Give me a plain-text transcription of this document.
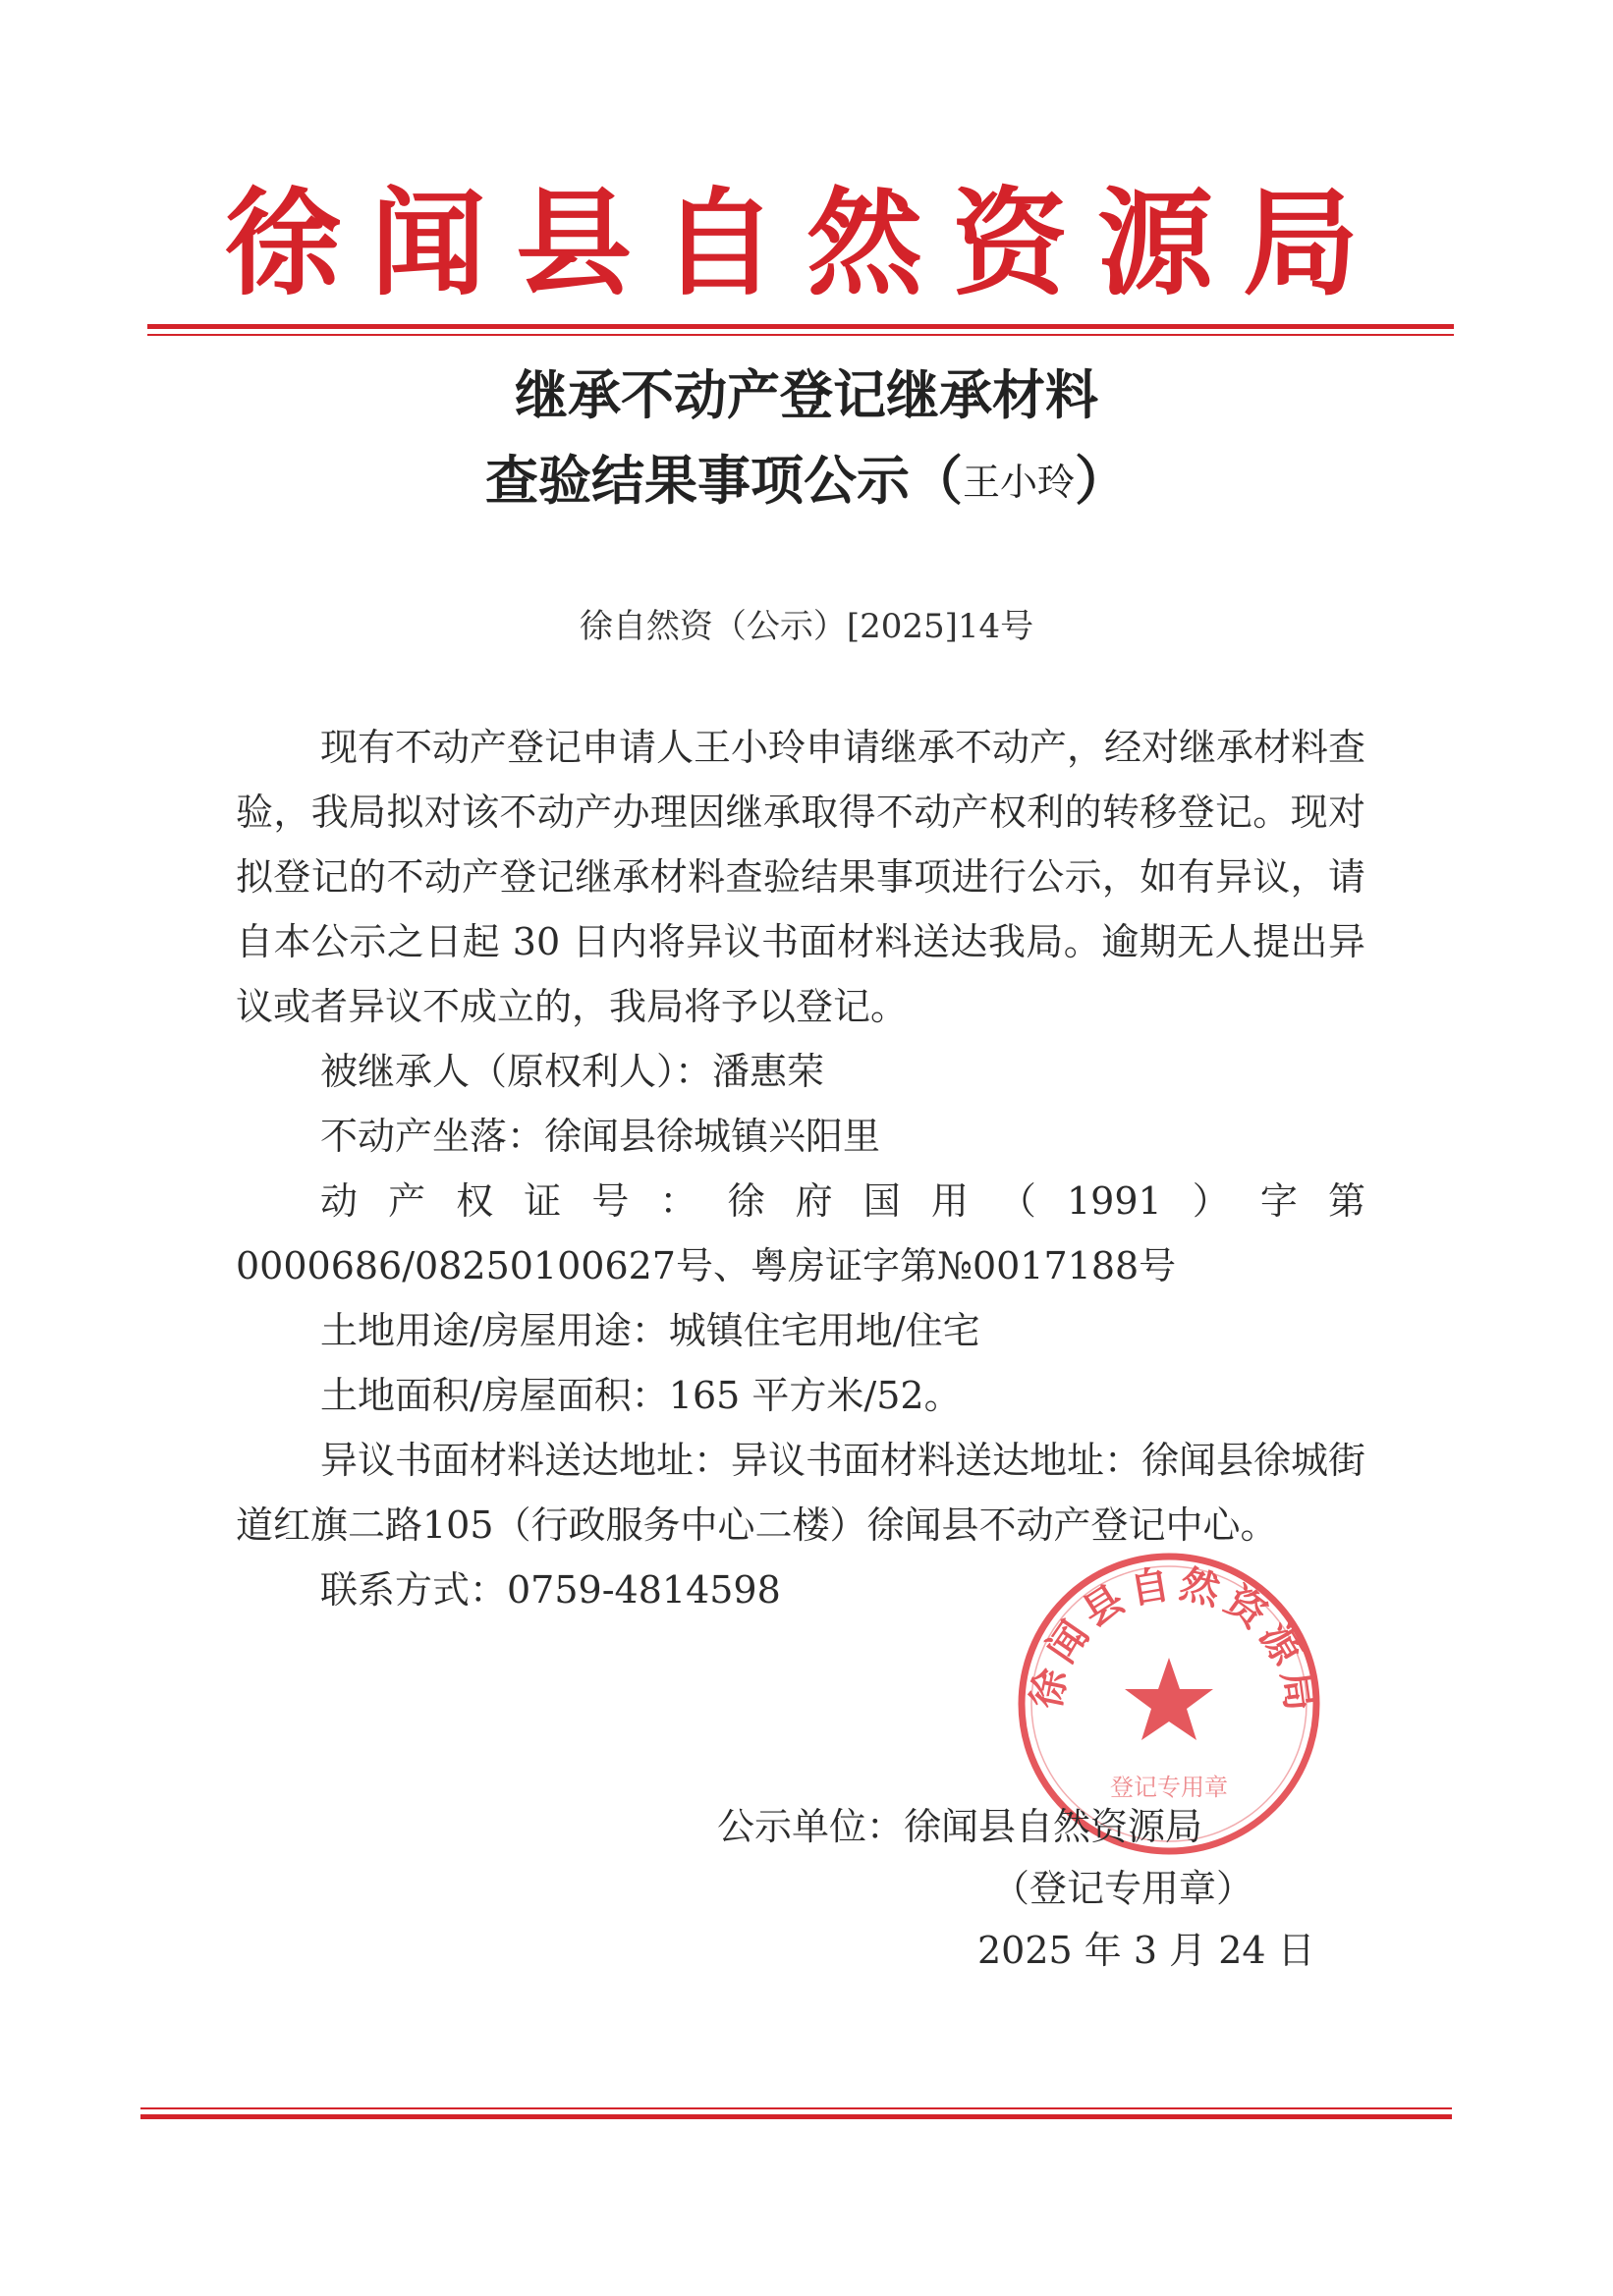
徐闻县自然资源局
继承不动产登记继承材料
查验结果事项公示（王小玲）
徐自然资（公示）[2025]14号

现有不动产登记申请人王小玲申请继承不动产，经对继承材料查验，我局拟对该不动产办理因继承取得不动产权利的转移登记。现对拟登记的不动产登记继承材料查验结果事项进行公示，如有异议，请自本公示之日起 30 日内将异议书面材料送达我局。逾期无人提出异议或者异议不成立的，我局将予以登记。

被继承人（原权利人）：潘惠荣

不动产坐落：徐闻县徐城镇兴阳里

动产权证号：徐府国用（1991）字第0000686/08250100627号、粤房证字第№0017188号

土地用途/房屋用途：城镇住宅用地/住宅

土地面积/房屋面积：165 平方米/52。

异议书面材料送达地址：异议书面材料送达地址：徐闻县徐城街道红旗二路105（行政服务中心二楼）徐闻县不动产登记中心。

联系方式：0759-4814598

徐闻县自然资源局
登记专用章
公示单位：徐闻县自然资源局
（登记专用章）
2025 年 3 月 24 日
